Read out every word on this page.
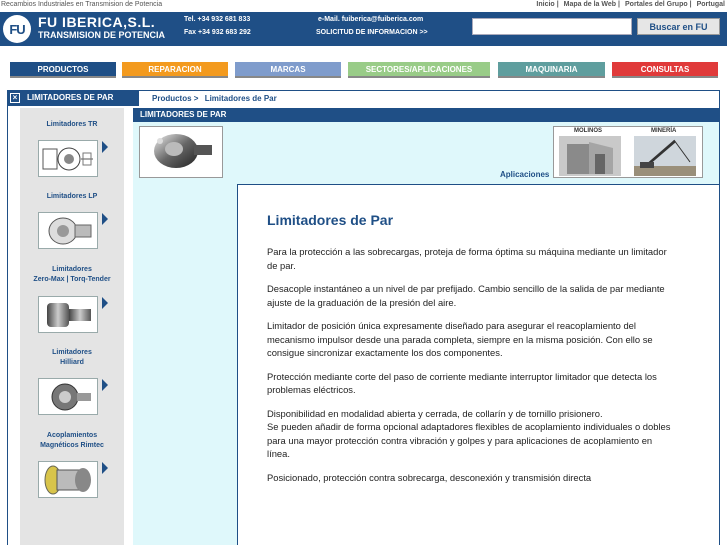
Recambios Industriales en Transmision de Potencia	Inicio | Mapa de la Web | Portales del Grupo | Portugal
FU FU IBERICA,S.L.
TRANSMISION DE POTENCIA
Tel. +34 932 681 833
Fax +34 932 683 292
e-Mail. fuiberica@fuiberica.com
SOLICITUD DE INFORMACION >>
Buscar en FU
PRODUCTOS	REPARACION	MARCAS	SECTORES/APLICACIONES	MAQUINARIA	CONSULTAS
×	LIMITADORES DE PAR	Productos > Limitadores de Par
Limitadores TR
Limitadores LP
Limitadores
Zero-Max | Torq-Tender
Limitadores
Hilliard
Acoplamientos
Magnéticos Rimtec
LIMITADORES DE PAR
MOLINOS	MINERÍA
Aplicaciones
Limitadores de Par

Para la protección a las sobrecargas, proteja de forma óptima su máquina mediante un limitador de par.

Desacople instantáneo a un nivel de par prefijado. Cambio sencillo de la salida de par mediante ajuste de la graduación de la presión del aire.

Limitador de posición única expresamente diseñado para asegurar el reacoplamiento del mecanismo impulsor desde una parada completa, siempre en la misma posición. Con ello se consigue sincronizar exactamente los dos componentes.

Protección mediante corte del paso de corriente mediante interruptor limitador que detecta los problemas eléctricos.

Disponibilidad en modalidad abierta y cerrada, de collarín y de tornillo prisionero.
Se pueden añadir de forma opcional adaptadores flexibles de acoplamiento individuales o dobles para una mayor protección contra vibración y golpes y para aplicaciones de acoplamiento en línea.

Posicionado, protección contra sobrecarga, desconexión y transmisión directa
